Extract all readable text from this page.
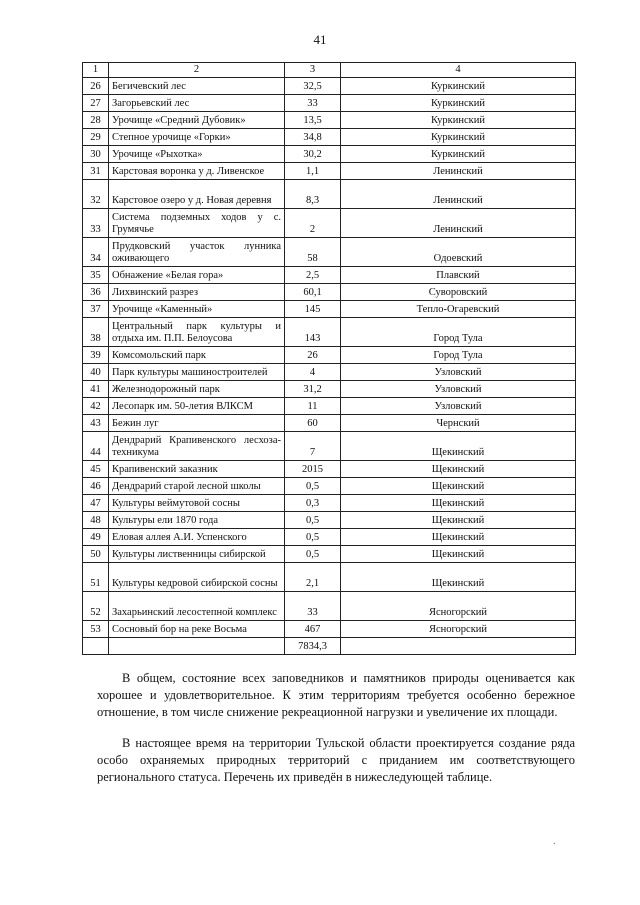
41
1	2	3	4
26	Бегичевский лес	32,5	Куркинский
27	Загорьевский лес	33	Куркинский
28	Урочище «Средний Дубовик»	13,5	Куркинский
29	Степное урочище «Горки»	34,8	Куркинский
30	Урочище «Рыхотка»	30,2	Куркинский
31	Карстовая воронка у д. Ливенское	1,1	Ленинский
32	Карстовое озеро у д. Новая деревня	8,3	Ленинский
33	Система подземных ходов у с. Грумячье	2	Ленинский
34	Прудковский участок лунника оживающего	58	Одоевский
35	Обнажение «Белая гора»	2,5	Плавский
36	Лихвинский разрез	60,1	Суворовский
37	Урочище «Каменный»	145	Тепло-Огаревский
38	Центральный парк культуры и отдыха им. П.П. Белоусова	143	Город Тула
39	Комсомольский парк	26	Город Тула
40	Парк культуры машиностроителей	4	Узловский
41	Железнодорожный парк	31,2	Узловский
42	Лесопарк им. 50-летия ВЛКСМ	11	Узловский
43	Бежин луг	60	Чернский
44	Дендрарий Крапивенского лесхоза-техникума	7	Щекинский
45	Крапивенский заказник	2015	Щекинский
46	Дендрарий старой лесной школы	0,5	Щекинский
47	Культуры веймутовой сосны	0,3	Щекинский
48	Культуры ели 1870 года	0,5	Щекинский
49	Еловая аллея А.И. Успенского	0,5	Щекинский
50	Культуры лиственницы сибирской	0,5	Щекинский
51	Культуры кедровой сибирской сосны	2,1	Щекинский
52	Захарьинский лесостепной комплекс	33	Ясногорский
53	Сосновый бор на реке Восьма	467	Ясногорский
		7834,3	

В общем, состояние всех заповедников и памятников природы оценивается как хорошее и удовлетворительное. К этим территориям требуется особенно бережное отношение, в том числе снижение рекреационной нагрузки и увеличение их площади.

В настоящее время на территории Тульской области проектируется создание ряда особо охраняемых природных территорий с приданием им соответствующего регионального статуса. Перечень их приведён в нижеследующей таблице.

.
